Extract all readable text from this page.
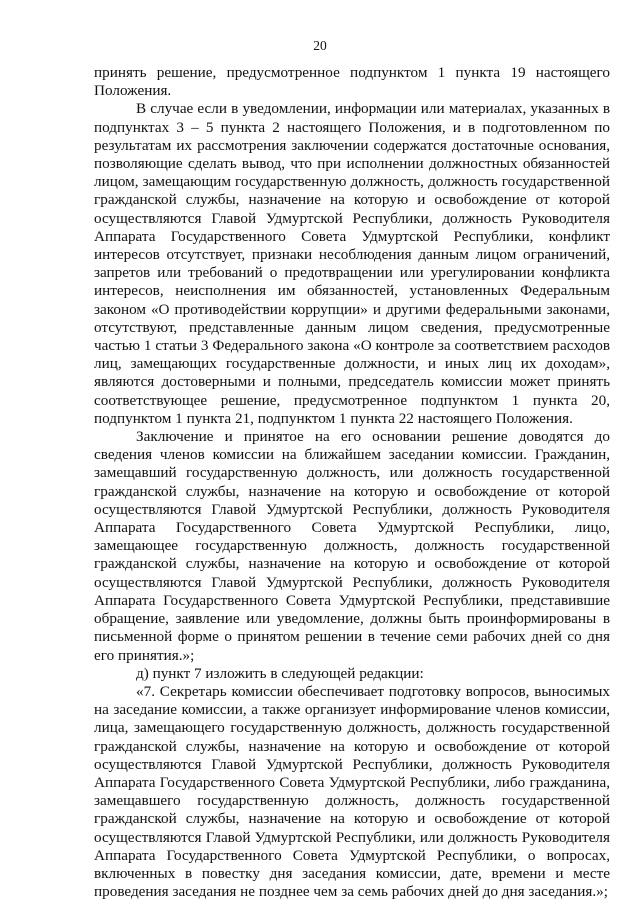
20

принять решение, предусмотренное подпунктом 1 пункта 19 настоящего Положения.

В случае если в уведомлении, информации или материалах, указанных в подпунктах 3 – 5 пункта 2 настоящего Положения, и в подготовленном по результатам их рассмотрения заключении содержатся достаточные основания, позволяющие сделать вывод, что при исполнении должностных обязанностей лицом, замещающим государственную должность, должность государственной гражданской службы, назначение на которую и освобождение от которой осуществляются Главой Удмуртской Республики, должность Руководителя Аппарата Государственного Совета Удмуртской Республики, конфликт интересов отсутствует, признаки несоблюдения данным лицом ограничений, запретов или требований о предотвращении или урегулировании конфликта интересов, неисполнения им обязанностей, установленных Федеральным законом «О противодействии коррупции» и другими федеральными законами, отсутствуют, представленные данным лицом сведения, предусмотренные частью 1 статьи 3 Федерального закона «О контроле за соответствием расходов лиц, замещающих государственные должности, и иных лиц их доходам», являются достоверными и полными, председатель комиссии может принять соответствующее решение, предусмотренное подпунктом 1 пункта 20, подпунктом 1 пункта 21, подпунктом 1 пункта 22 настоящего Положения.

Заключение и принятое на его основании решение доводятся до сведения членов комиссии на ближайшем заседании комиссии. Гражданин, замещавший государственную должность, или должность государственной гражданской службы, назначение на которую и освобождение от которой осуществляются Главой Удмуртской Республики, должность Руководителя Аппарата Государственного Совета Удмуртской Республики, лицо, замещающее государственную должность, должность государственной гражданской службы, назначение на которую и освобождение от которой осуществляются Главой Удмуртской Республики, должность Руководителя Аппарата Государственного Совета Удмуртской Республики, представившие обращение, заявление или уведомление, должны быть проинформированы в письменной форме о принятом решении в течение семи рабочих дней со дня его принятия.»;

д) пункт 7 изложить в следующей редакции:

«7. Секретарь комиссии обеспечивает подготовку вопросов, выносимых на заседание комиссии, а также организует информирование членов комиссии, лица, замещающего государственную должность, должность государственной гражданской службы, назначение на которую и освобождение от которой осуществляются Главой Удмуртской Республики, должность Руководителя Аппарата Государственного Совета Удмуртской Республики, либо гражданина, замещавшего государственную должность, должность государственной гражданской службы, назначение на которую и освобождение от которой осуществляются Главой Удмуртской Республики, или должность Руководителя Аппарата Государственного Совета Удмуртской Республики, о вопросах, включенных в повестку дня заседания комиссии, дате, времени и месте проведения заседания не позднее чем за семь рабочих дней до дня заседания.»;
